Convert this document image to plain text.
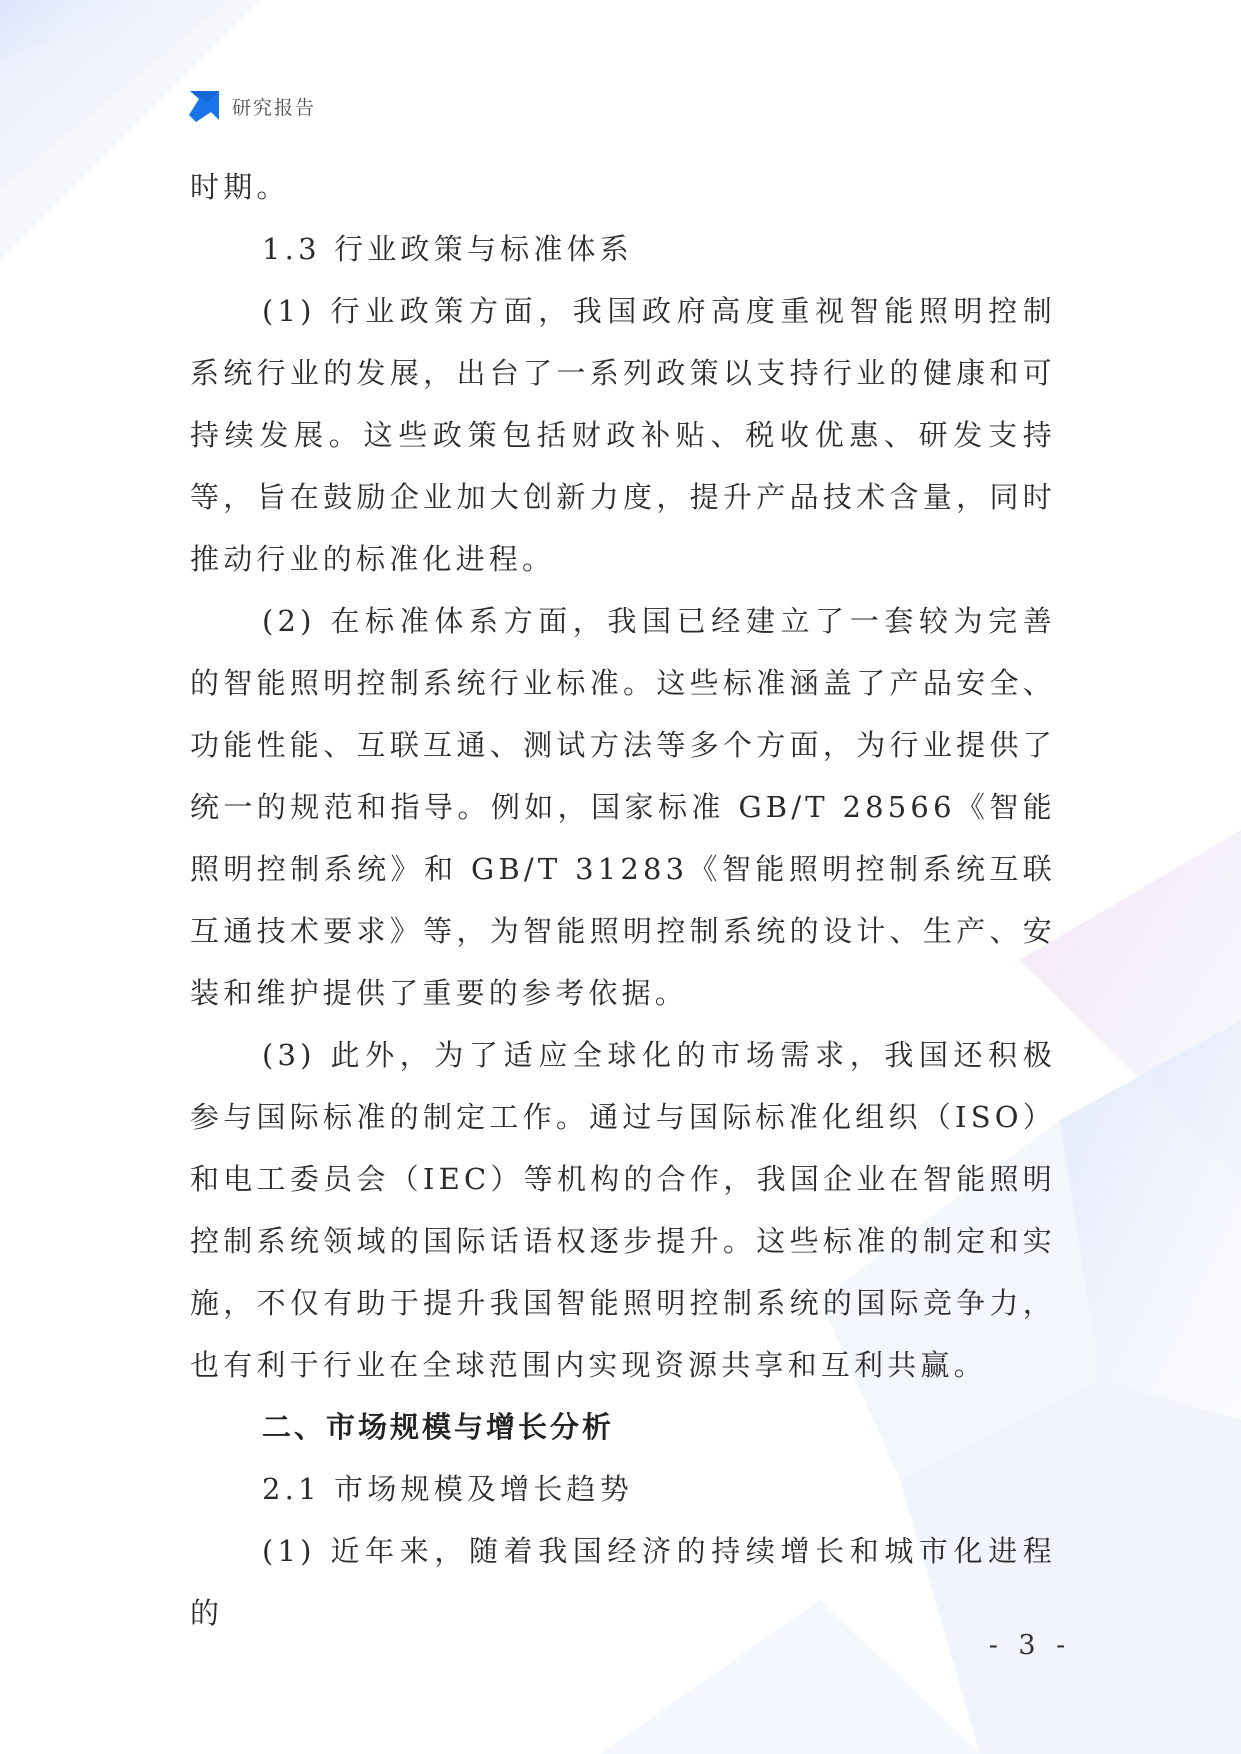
研究报告

时期。

1.3 行业政策与标准体系

(1) 行业政策方面，我国政府高度重视智能照明控制系统行业的发展，出台了一系列政策以支持行业的健康和可持续发展。这些政策包括财政补贴、税收优惠、研发支持等，旨在鼓励企业加大创新力度，提升产品技术含量，同时推动行业的标准化进程。

(2) 在标准体系方面，我国已经建立了一套较为完善的智能照明控制系统行业标准。这些标准涵盖了产品安全、功能性能、互联互通、测试方法等多个方面，为行业提供了统一的规范和指导。例如，国家标准 GB/T 28566《智能照明控制系统》和 GB/T 31283《智能照明控制系统互联互通技术要求》等，为智能照明控制系统的设计、生产、安装和维护提供了重要的参考依据。

(3) 此外，为了适应全球化的市场需求，我国还积极参与国际标准的制定工作。通过与国际标准化组织（ISO）和电工委员会（IEC）等机构的合作，我国企业在智能照明控制系统领域的国际话语权逐步提升。这些标准的制定和实施，不仅有助于提升我国智能照明控制系统的国际竞争力，也有利于行业在全球范围内实现资源共享和互利共赢。

二、市场规模与增长分析

2.1 市场规模及增长趋势

(1) 近年来，随着我国经济的持续增长和城市化进程的

- 3 -
